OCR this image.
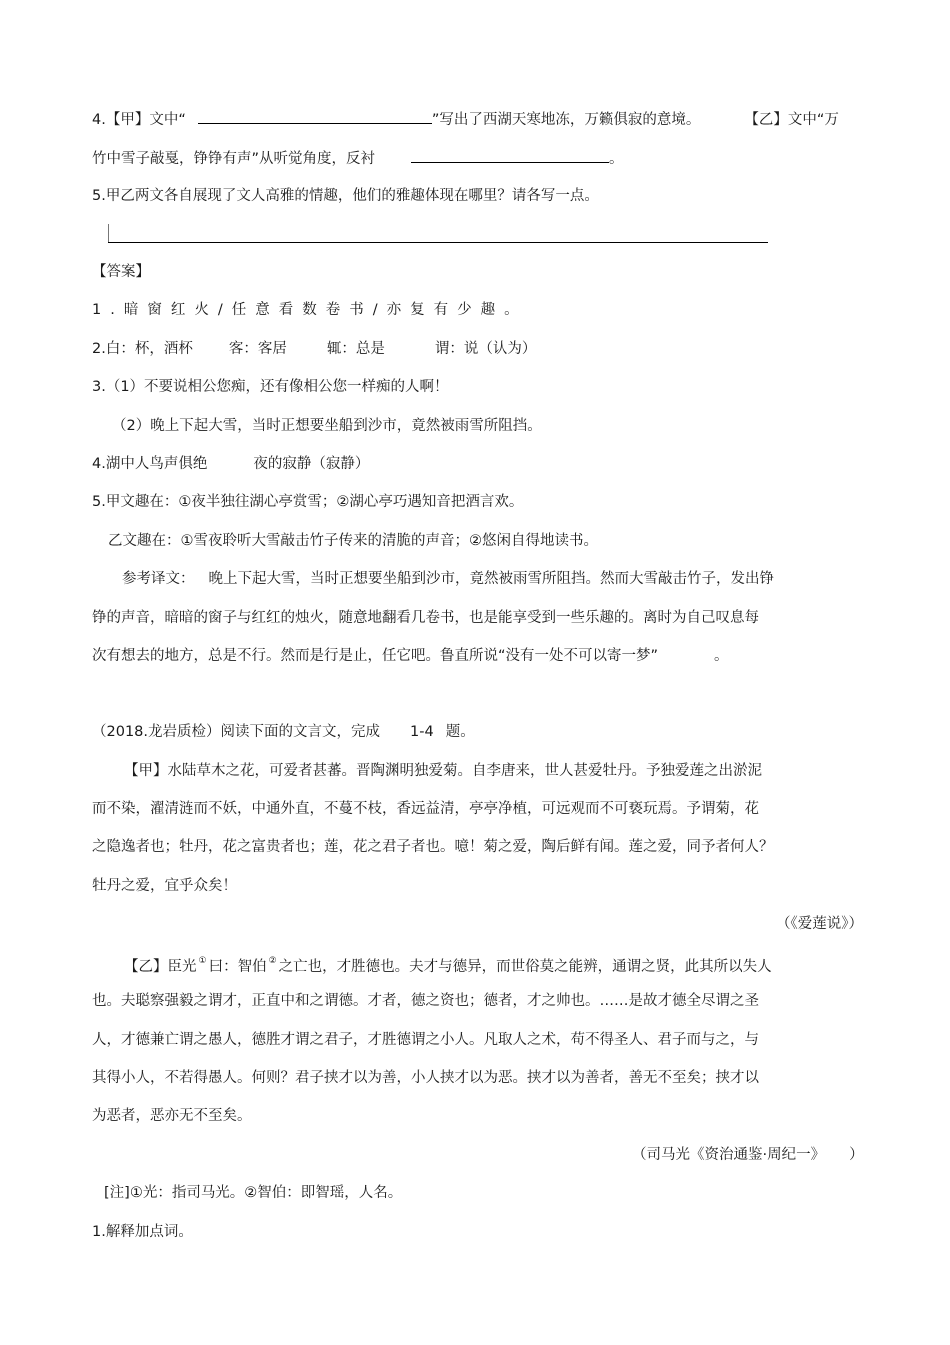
4.【甲】文中“	”写出了西湖天寒地冻，万籁俱寂的意境。	【乙】文中“万
竹中雪子敲戛，铮铮有声”从听觉角度，反衬	。
5.甲乙两文各自展现了文人高雅的情趣，他们的雅趣体现在哪里？请各写一点。
【答案】
1.暗窗红火/任意看数卷书/亦复有少趣。
2.白：杯，酒杯 客：客居	辄：总是	谓：说（认为）
3.（1）不要说相公您痴，还有像相公您一样痴的人啊！
（2）晚上下起大雪，当时正想要坐船到沙市，竟然被雨雪所阻挡。
4.湖中人鸟声俱绝	夜的寂静（寂静）
5.甲文趣在：①夜半独往湖心亭赏雪；②湖心亭巧遇知音把酒言欢。
乙文趣在：①雪夜聆听大雪敲击竹子传来的清脆的声音；②悠闲自得地读书。
参考译文： 晚上下起大雪，当时正想要坐船到沙市，竟然被雨雪所阻挡。然而大雪敲击竹子，发出铮
铮的声音，暗暗的窗子与红红的烛火，随意地翻看几卷书，也是能享受到一些乐趣的。离时为自己叹息每
次有想去的地方，总是不行。然而是行是止，任它吧。鲁直所说“没有一处不可以寄一梦”	。
（2018.龙岩质检）阅读下面的文言文，完成 1-4 题。
【甲】水陆草木之花，可爱者甚蕃。晋陶渊明独爱菊。自李唐来，世人甚爱牡丹。予独爱莲之出淤泥
而不染，濯清涟而不妖，中通外直，不蔓不枝，香远益清，亭亭净植，可远观而不可亵玩焉。予谓菊，花
之隐逸者也；牡丹，花之富贵者也；莲，花之君子者也。噫！菊之爱，陶后鲜有闻。莲之爱，同予者何人？
牡丹之爱，宜乎众矣！
（《爱莲说》）
【乙】臣光 ① 曰：智伯 ② 之亡也，才胜德也。夫才与德异，而世俗莫之能辨，通谓之贤，此其所以失人
也。夫聪察强毅之谓才，正直中和之谓德。才者，德之资也；德者，才之帅也。……是故才德全尽谓之圣
人，才德兼亡谓之愚人，德胜才谓之君子，才胜德谓之小人。凡取人之术，苟不得圣人、君子而与之，与
其得小人，不若得愚人。何则？君子挟才以为善，小人挟才以为恶。挟才以为善者，善无不至矣；挟才以
为恶者，恶亦无不至矣。
（司马光《资治通鉴·周纪一》 ）
[注]①光：指司马光。②智伯：即智瑶，人名。
1.解释加点词。
